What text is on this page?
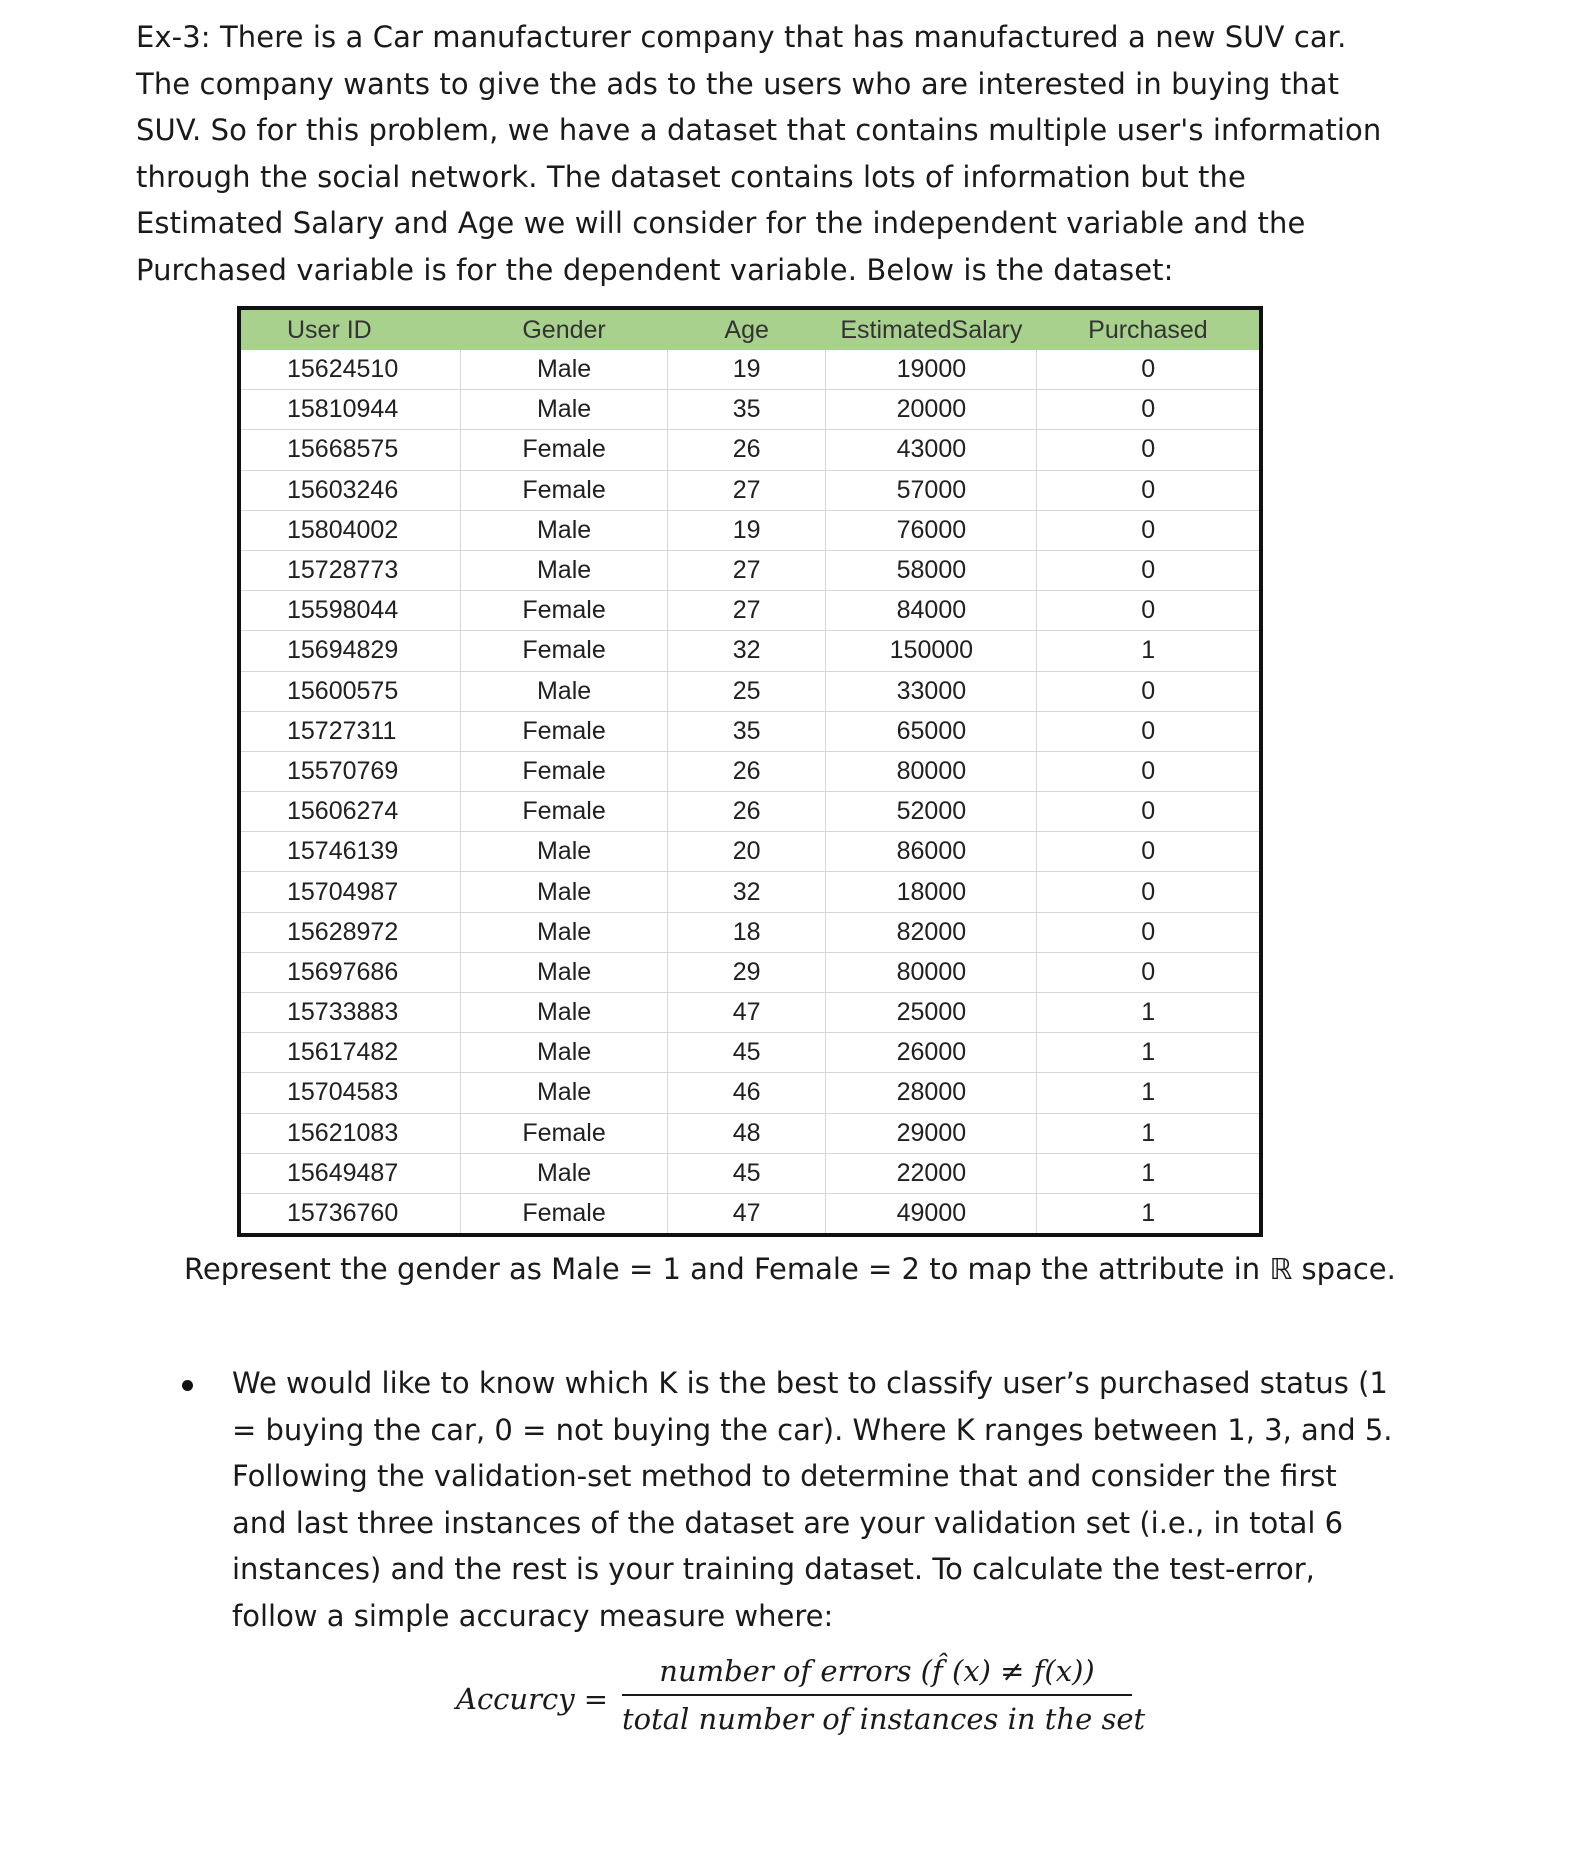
Ex-3: There is a Car manufacturer company that has manufactured a new SUV car.
The company wants to give the ads to the users who are interested in buying that
SUV. So for this problem, we have a dataset that contains multiple user's information
through the social network. The dataset contains lots of information but the
Estimated Salary and Age we will consider for the independent variable and the
Purchased variable is for the dependent variable. Below is the dataset:
User ID	Gender	Age	EstimatedSalary	Purchased
15624510	Male	19	19000	0
15810944	Male	35	20000	0
15668575	Female	26	43000	0
15603246	Female	27	57000	0
15804002	Male	19	76000	0
15728773	Male	27	58000	0
15598044	Female	27	84000	0
15694829	Female	32	150000	1
15600575	Male	25	33000	0
15727311	Female	35	65000	0
15570769	Female	26	80000	0
15606274	Female	26	52000	0
15746139	Male	20	86000	0
15704987	Male	32	18000	0
15628972	Male	18	82000	0
15697686	Male	29	80000	0
15733883	Male	47	25000	1
15617482	Male	45	26000	1
15704583	Male	46	28000	1
15621083	Female	48	29000	1
15649487	Male	45	22000	1
15736760	Female	47	49000	1

Represent the gender as Male = 1 and Female = 2 to map the attribute in ℝ space.

We would like to know which K is the best to classify user’s purchased status (1
= buying the car, 0 = not buying the car). Where K ranges between 1, 3, and 5.
Following the validation-set method to determine that and consider the first
and last three instances of the dataset are your validation set (i.e., in total 6
instances) and the rest is your training dataset. To calculate the test-error,
follow a simple accuracy measure where:
Accurcy =
number of errors (f̂ (x) ≠ f(x))
total number of instances in the set
